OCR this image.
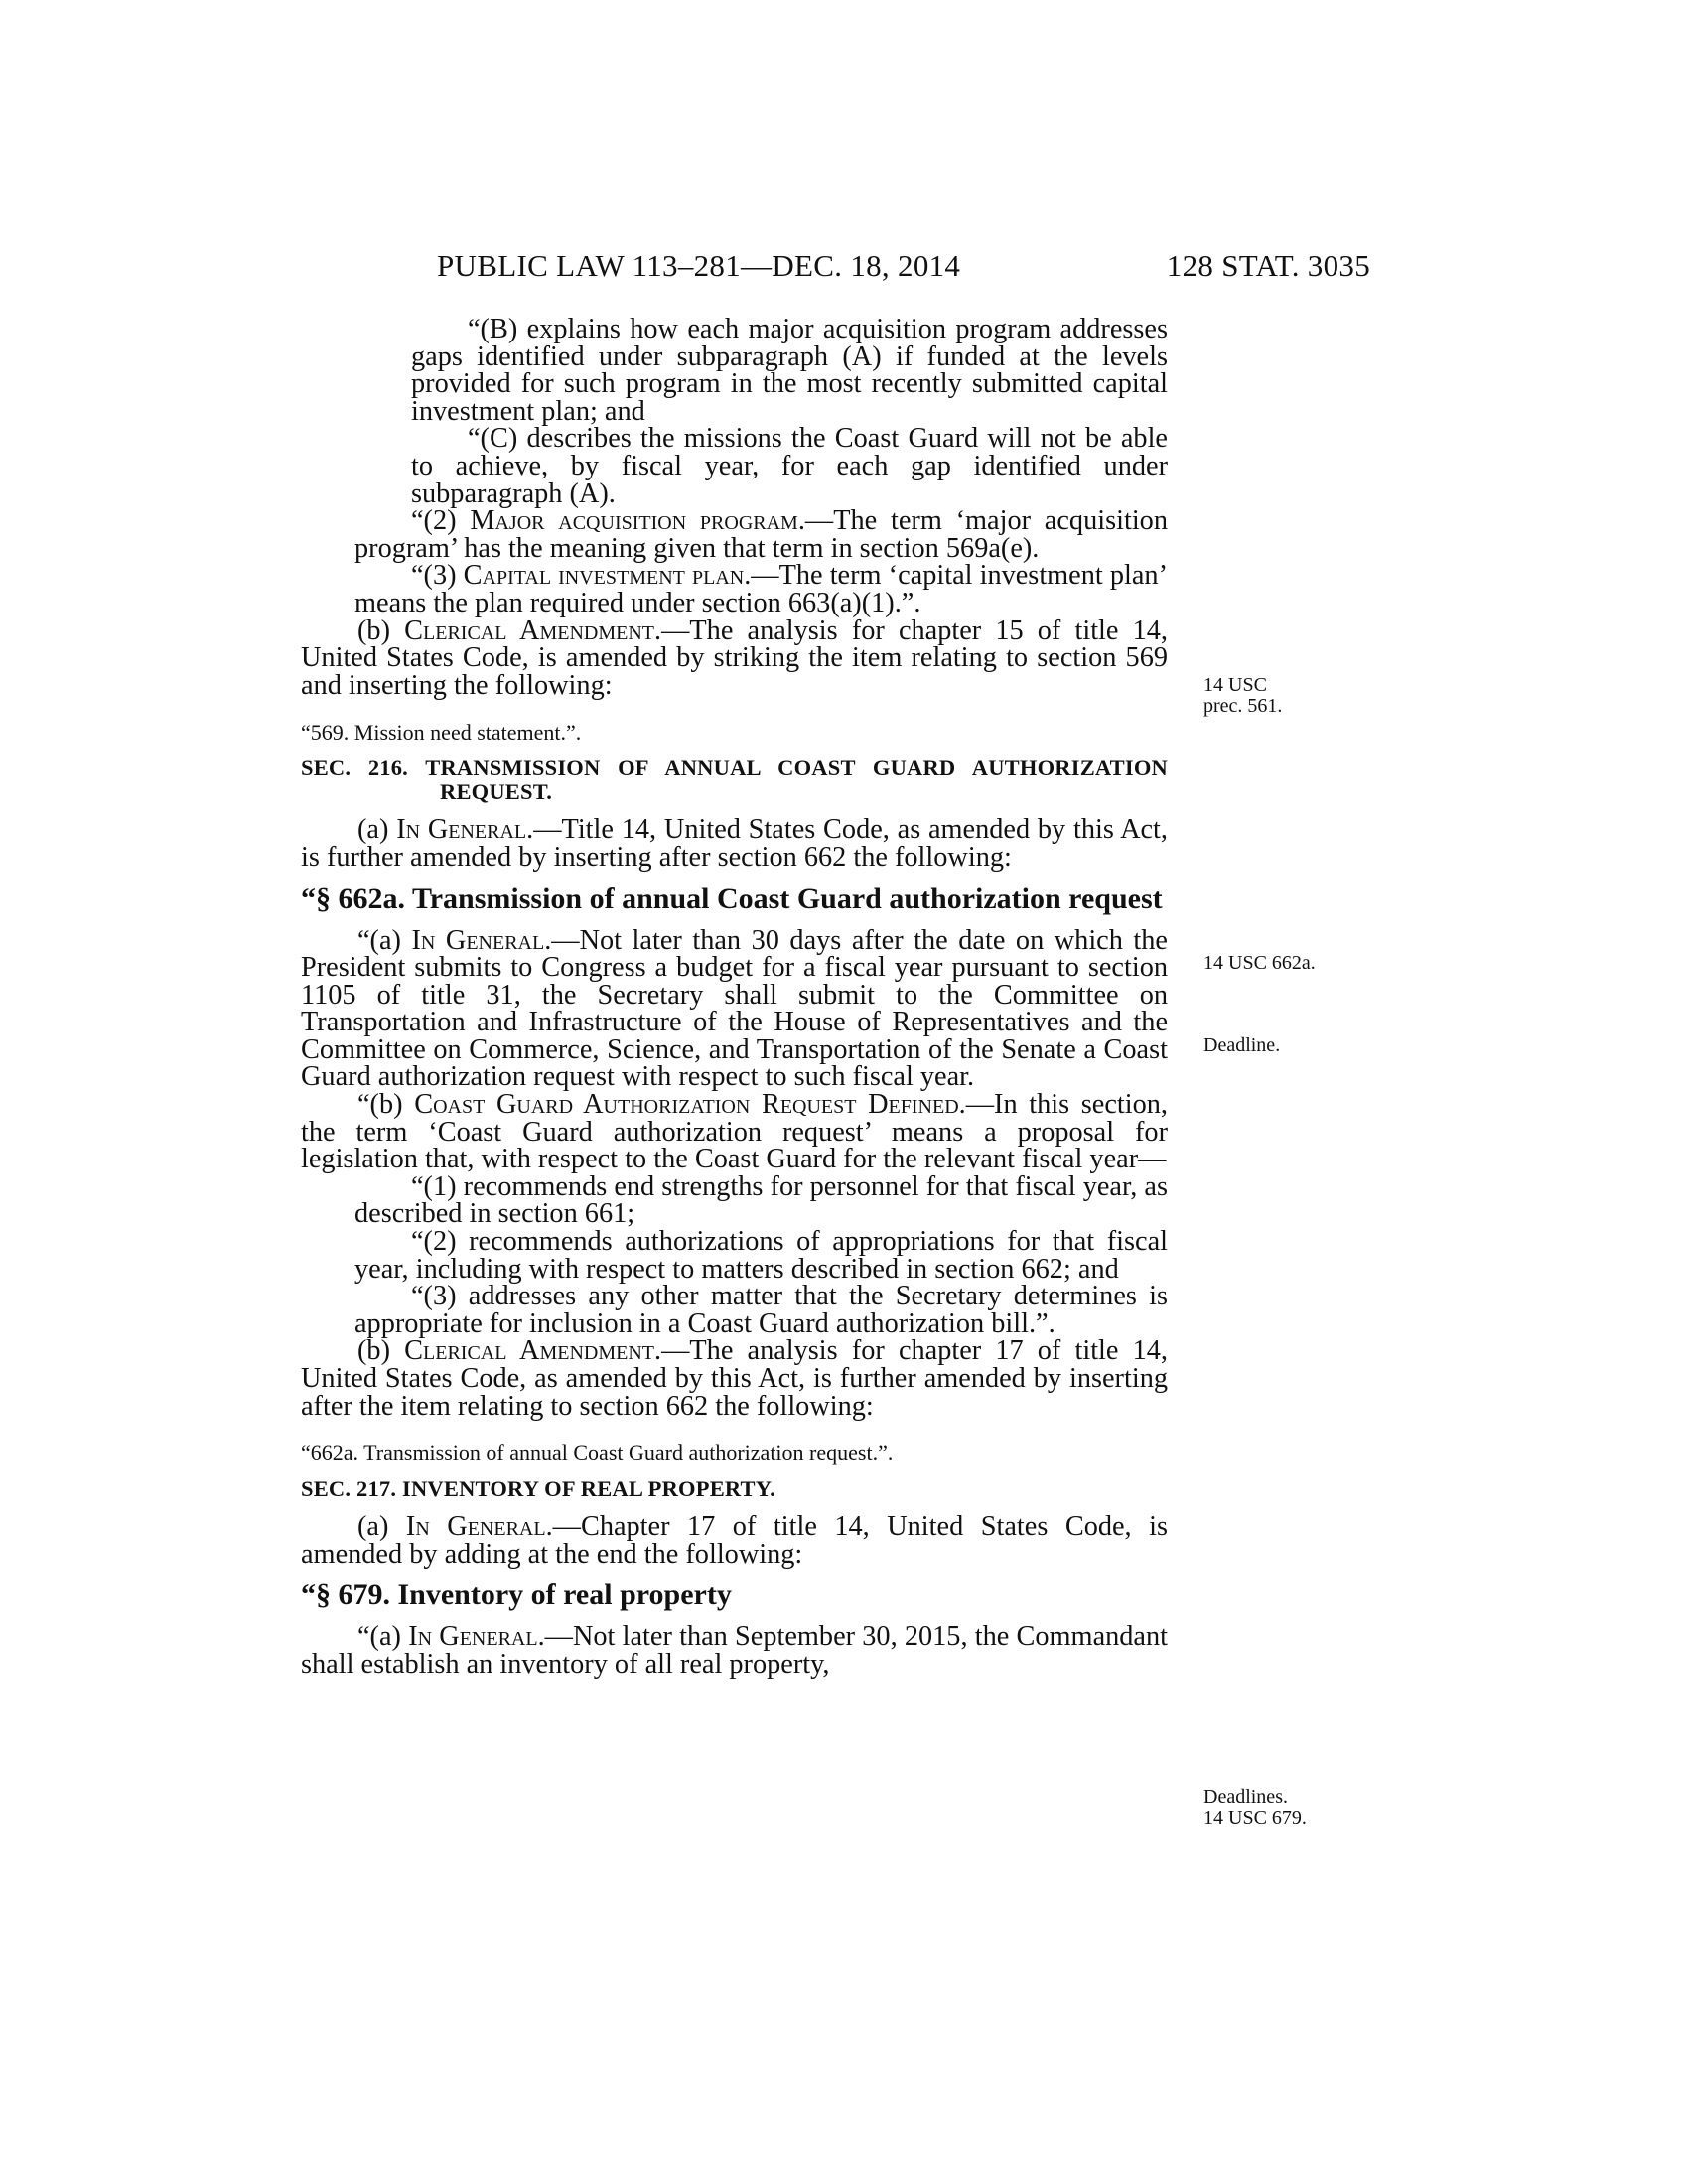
PUBLIC LAW 113–281—DEC. 18, 2014	128 STAT. 3035

“(B) explains how each major acquisition program addresses gaps identified under subparagraph (A) if funded at the levels provided for such program in the most recently submitted capital investment plan; and

“(C) describes the missions the Coast Guard will not be able to achieve, by fiscal year, for each gap identified under subparagraph (A).

“(2) Major acquisition program.—The term ‘major acquisition program’ has the meaning given that term in section 569a(e).

“(3) Capital investment plan.—The term ‘capital investment plan’ means the plan required under section 663(a)(1).”.

(b) Clerical Amendment.—The analysis for chapter 15 of title 14, United States Code, is amended by striking the item relating to section 569 and inserting the following:

“569. Mission need statement.”.

SEC. 216. TRANSMISSION OF ANNUAL COAST GUARD AUTHORIZATION REQUEST.

(a) In General.—Title 14, United States Code, as amended by this Act, is further amended by inserting after section 662 the following:

“§ 662a. Transmission of annual Coast Guard authorization request

“(a) In General.—Not later than 30 days after the date on which the President submits to Congress a budget for a fiscal year pursuant to section 1105 of title 31, the Secretary shall submit to the Committee on Transportation and Infrastructure of the House of Representatives and the Committee on Commerce, Science, and Transportation of the Senate a Coast Guard authorization request with respect to such fiscal year.

“(b) Coast Guard Authorization Request Defined.—In this section, the term ‘Coast Guard authorization request’ means a proposal for legislation that, with respect to the Coast Guard for the relevant fiscal year—

“(1) recommends end strengths for personnel for that fiscal year, as described in section 661;

“(2) recommends authorizations of appropriations for that fiscal year, including with respect to matters described in section 662; and

“(3) addresses any other matter that the Secretary determines is appropriate for inclusion in a Coast Guard authorization bill.”.

(b) Clerical Amendment.—The analysis for chapter 17 of title 14, United States Code, as amended by this Act, is further amended by inserting after the item relating to section 662 the following:

“662a. Transmission of annual Coast Guard authorization request.”.

SEC. 217. INVENTORY OF REAL PROPERTY.

(a) In General.—Chapter 17 of title 14, United States Code, is amended by adding at the end the following:

“§ 679. Inventory of real property

“(a) In General.—Not later than September 30, 2015, the Commandant shall establish an inventory of all real property,

14 USC
prec. 561.
14 USC 662a.
Deadline.
Deadlines.
14 USC 679.
